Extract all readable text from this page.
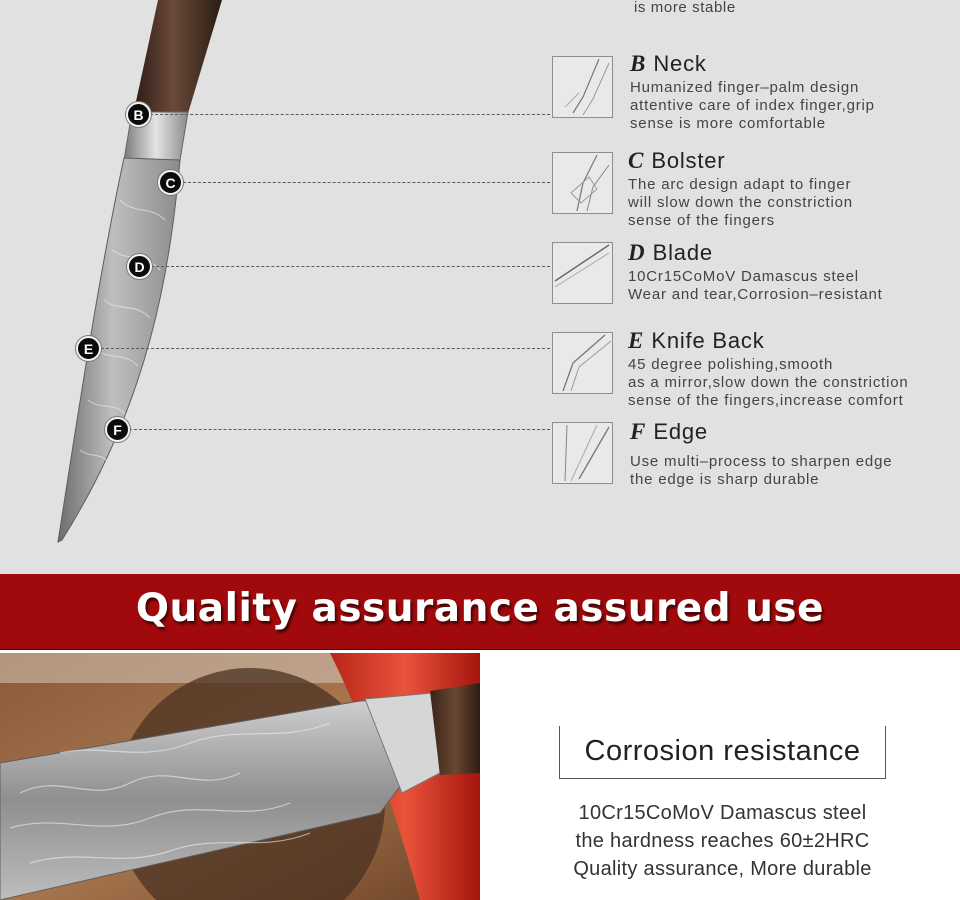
is more stable
B
C
D
E
F
B Neck
Humanized finger–palm design
attentive care of index finger,grip
sense is more comfortable
C Bolster
The arc design adapt to finger
will slow down the constriction
sense of the fingers
D Blade
10Cr15CoMoV Damascus steel
Wear and tear,Corrosion–resistant
E Knife Back
45 degree polishing,smooth
as a mirror,slow down the constriction
sense of the fingers,increase comfort
F Edge
Use multi–process to sharpen edge
the edge is sharp durable
Quality assurance assured use
Corrosion resistance
10Cr15CoMoV Damascus steel
the hardness reaches 60±2HRC
Quality assurance, More durable
